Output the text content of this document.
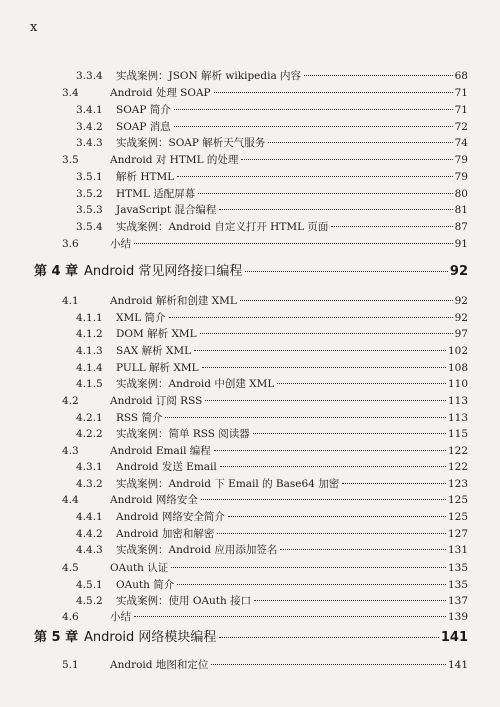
x
3.3.4	实战案例：JSON 解析 wikipedia 内容	68
3.4	Android 处理 SOAP	71
3.4.1	SOAP 简介	71
3.4.2	SOAP 消息	72
3.4.3	实战案例：SOAP 解析天气服务	74
3.5	Android 对 HTML 的处理	79
3.5.1	解析 HTML	79
3.5.2	HTML 适配屏幕	80
3.5.3	JavaScript 混合编程	81
3.5.4	实战案例：Android 自定义打开 HTML 页面	87
3.6	小结	91
第 4 章 Android 常见网络接口编程	92
4.1	Android 解析和创建 XML	92
4.1.1	XML 简介	92
4.1.2	DOM 解析 XML	97
4.1.3	SAX 解析 XML	102
4.1.4	PULL 解析 XML	108
4.1.5	实战案例：Android 中创建 XML	110
4.2	Android 订阅 RSS	113
4.2.1	RSS 简介	113
4.2.2	实战案例：简单 RSS 阅读器	115
4.3	Android Email 编程	122
4.3.1	Android 发送 Email	122
4.3.2	实战案例：Android 下 Email 的 Base64 加密	123
4.4	Android 网络安全	125
4.4.1	Android 网络安全简介	125
4.4.2	Android 加密和解密	127
4.4.3	实战案例：Android 应用添加签名	131
4.5	OAuth 认证	135
4.5.1	OAuth 简介	135
4.5.2	实战案例：使用 OAuth 接口	137
4.6	小结	139
第 5 章 Android 网络模块编程	141
5.1	Android 地图和定位	141
